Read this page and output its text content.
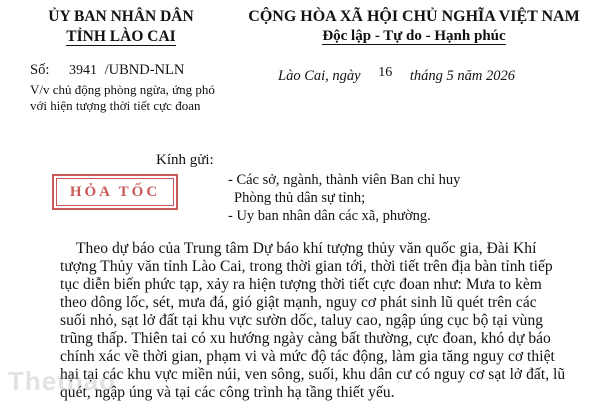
ỦY BAN NHÂN DÂN
TỈNH LÀO CAI
CỘNG HÒA XÃ HỘI CHỦ NGHĨA VIỆT NAM
Độc lập - Tự do - Hạnh phúc
Số: 3941 /UBND-NLN
V/v chủ động phòng ngừa, ứng phó
với hiện tượng thời tiết cực đoan
Lào Cai, ngày 16 tháng 5 năm 2026
Kính gửi:
- Các sở, ngành, thành viên Ban chỉ huy
Phòng thủ dân sự tỉnh;
- Uy ban nhân dân các xã, phường.
HỎA TỐC
Theo dự báo của Trung tâm Dự báo khí tượng thủy văn quốc gia, Đài Khí
tượng Thủy văn tỉnh Lào Cai, trong thời gian tới, thời tiết trên địa bàn tỉnh tiếp
tục diễn biến phức tạp, xảy ra hiện tượng thời tiết cực đoan như: Mưa to kèm
theo dông lốc, sét, mưa đá, gió giật mạnh, nguy cơ phát sinh lũ quét trên các
suối nhỏ, sạt lở đất tại khu vực sườn dốc, taluy cao, ngập úng cục bộ tại vùng
trũng thấp. Thiên tai có xu hướng ngày càng bất thường, cực đoan, khó dự báo
chính xác về thời gian, phạm vi và mức độ tác động, làm gia tăng nguy cơ thiệt
hại tại các khu vực miền núi, ven sông, suối, khu dân cư có nguy cơ sạt lở đất, lũ
quét, ngập úng và tại các công trình hạ tầng thiết yếu.
Thethao
